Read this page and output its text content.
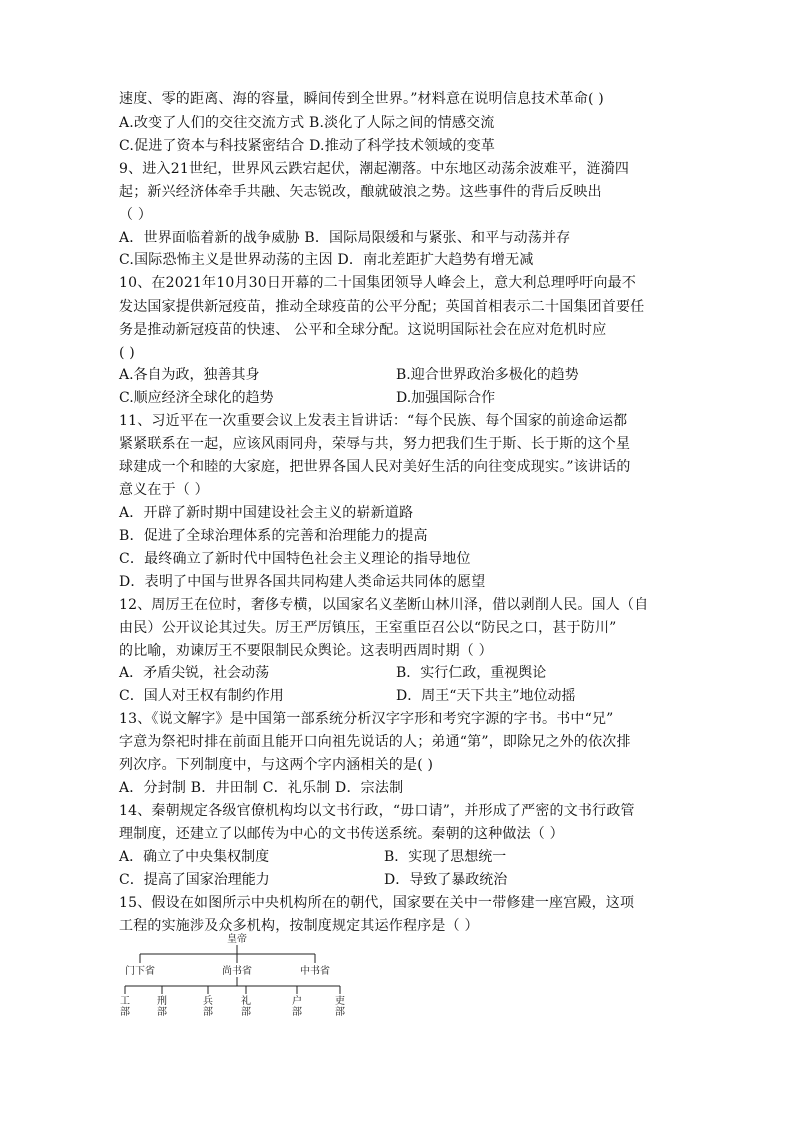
速度、零的距离、海的容量，瞬间传到全世界。”材料意在说明信息技术革命( )
A.改变了人们的交往交流方式 B.淡化了人际之间的情感交流
C.促进了资本与科技紧密结合 D.推动了科学技术领域的变革
9、进入21世纪，世界风云跌宕起伏，潮起潮落。中东地区动荡余波难平，涟漪四
起；新兴经济体牵手共融、矢志锐改，酿就破浪之势。这些事件的背后反映出
（ ）
A．世界面临着新的战争威胁 B．国际局限缓和与紧张、和平与动荡并存
C.国际恐怖主义是世界动荡的主因 D．南北差距扩大趋势有增无减
10、在2021年10月30日开幕的二十国集团领导人峰会上，意大利总理呼吁向最不
发达国家提供新冠疫苗，推动全球疫苗的公平分配；英国首相表示二十国集团首要任
务是推动新冠疫苗的快速、 公平和全球分配。这说明国际社会在应对危机时应
( )
A.各自为政，独善其身	B.迎合世界政治多极化的趋势
C.顺应经济全球化的趋势	D.加强国际合作
11、习近平在一次重要会议上发表主旨讲话：“每个民族、每个国家的前途命运都
紧紧联系在一起，应该风雨同舟，荣辱与共，努力把我们生于斯、长于斯的这个星
球建成一个和睦的大家庭，把世界各国人民对美好生活的向往变成现实。”该讲话的
意义在于（ ）
A．开辟了新时期中国建设社会主义的崭新道路
B．促进了全球治理体系的完善和治理能力的提高
C．最终确立了新时代中国特色社会主义理论的指导地位
D．表明了中国与世界各国共同构建人类命运共同体的愿望
12、周厉王在位时，奢侈专横，以国家名义垄断山林川泽，借以剥削人民。国人（自
由民）公开议论其过失。厉王严厉镇压，王室重臣召公以“防民之口，甚于防川”
的比喻，劝谏厉王不要限制民众舆论。这表明西周时期（ ）
A．矛盾尖锐，社会动荡	B．实行仁政，重视舆论
C．国人对王权有制约作用	D．周王“天下共主”地位动摇
13、《说文解字》是中国第一部系统分析汉字字形和考究字源的字书。书中“兄”
字意为祭祀时排在前面且能开口向祖先说话的人；弟通“第”，即除兄之外的依次排
列次序。下列制度中，与这两个字内涵相关的是( )
A．分封制 B．井田制 C．礼乐制 D．宗法制
14、秦朝规定各级官僚机构均以文书行政，“毋口请”，并形成了严密的文书行政管
理制度，还建立了以邮传为中心的文书传送系统。秦朝的这种做法（ ）
A．确立了中央集权制度	B．实现了思想统一
C．提高了国家治理能力	D．导致了暴政统治
15、假设在如图所示中央机构所在的朝代，国家要在关中一带修建一座宫殿，这项
工程的实施涉及众多机构，按制度规定其运作程序是（ ）
皇帝
门下省	尚书省	中书省
工
部
刑
部
兵
部
礼
部
户
部
吏
部
